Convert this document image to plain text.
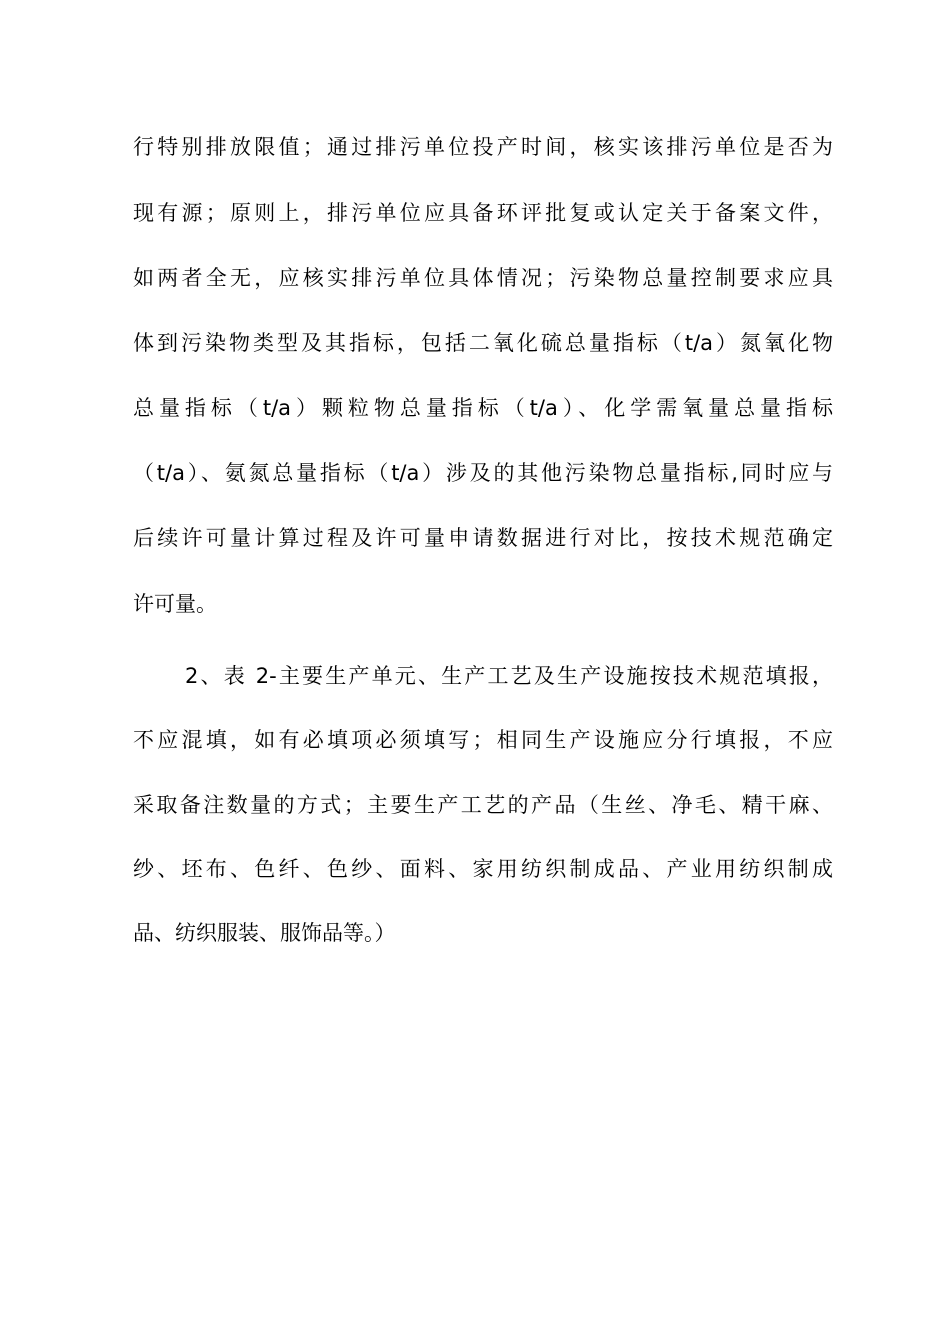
行特别排放限值；通过排污单位投产时间，核实该排污单位是否为
现有源；原则上，排污单位应具备环评批复或认定关于备案文件，
如两者全无，应核实排污单位具体情况；污染物总量控制要求应具
体到污染物类型及其指标，包括二氧化硫总量指标（t/a）氮氧化物
总量指标（t/a）颗粒物总量指标（t/a）、化学需氧量总量指标
（t/a）、氨氮总量指标（t/a）涉及的其他污染物总量指标,同时应与
后续许可量计算过程及许可量申请数据进行对比，按技术规范确定
许可量。
2、表 2-主要生产单元、生产工艺及生产设施按技术规范填报，
不应混填，如有必填项必须填写；相同生产设施应分行填报，不应
采取备注数量的方式；主要生产工艺的产品（生丝、净毛、精干麻、
纱、坯布、色纤、色纱、面料、家用纺织制成品、产业用纺织制成
品、纺织服装、服饰品等。）
